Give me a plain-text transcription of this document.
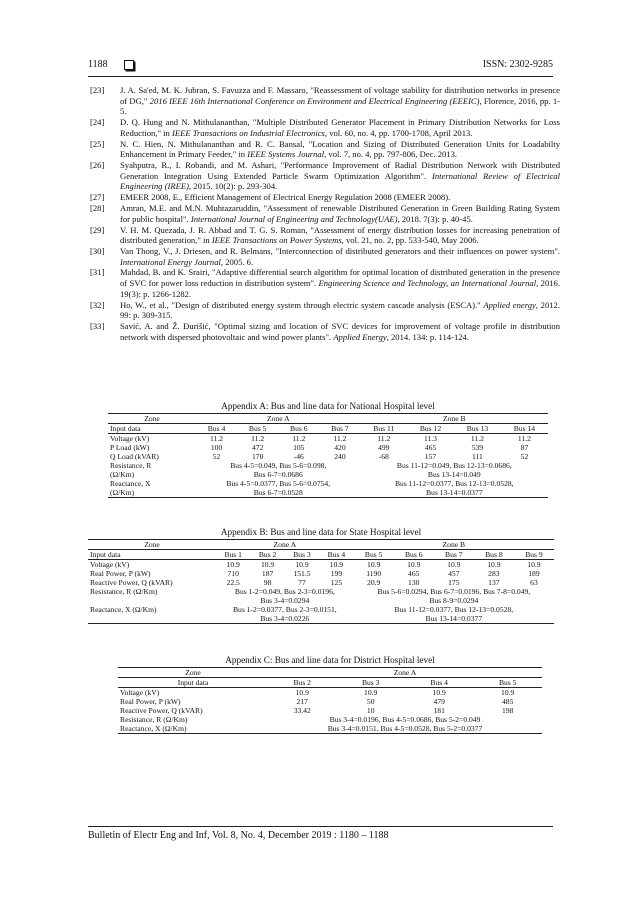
1188	ISSN: 2302-9285
[23]	J. A. Sa'ed, M. K. Jubran, S. Favuzza and F. Massaro, "Reassessment of voltage stability for distribution networks in presence of DG," 2016 IEEE 16th International Conference on Environment and Electrical Engineering (EEEIC), Florence, 2016, pp. 1-5.
[24]	D. Q. Hung and N. Mithulananthan, "Multiple Distributed Generator Placement in Primary Distribution Networks for Loss Reduction," in IEEE Transactions on Industrial Electronics, vol. 60, no. 4, pp. 1700-1708, April 2013.
[25]	N. C. Hien, N. Mithulananthan and R. C. Bansal, "Location and Sizing of Distributed Generation Units for Loadabilty Enhancement in Primary Feeder," in IEEE Systems Journal, vol. 7, no. 4, pp. 797-806, Dec. 2013.
[26]	Syahputra, R., I. Robandi, and M. Ashari, "Performance Improvement of Radial Distribution Network with Distributed Generation Integration Using Extended Particle Swarm Optimization Algorithm". International Review of Electrical Engineering (IREE), 2015. 10(2): p. 293-304.
[27]	EMEER 2008, E., Efficient Management of Electrical Energy Regulation 2008 (EMEER 2008).
[28]	Amran, M.E. and M.N. Muhtazaruddin, "Assessment of renewable Distributed Generation in Green Building Rating System for public hospital". International Journal of Engineering and Technology(UAE), 2018. 7(3): p. 40-45.
[29]	V. H. M. Quezada, J. R. Abbad and T. G. S. Roman, "Assessment of energy distribution losses for increasing penetration of distributed generation," in IEEE Transactions on Power Systems, vol. 21, no. 2, pp. 533-540, May 2006.
[30]	Van Thong, V., J. Driesen, and R. Belmans, "Interconnection of distributed generators and their influences on power system". International Energy Journal, 2005. 6.
[31]	Mahdad, B. and K. Srairi, "Adaptive differential search algorithm for optimal location of distributed generation in the presence of SVC for power loss reduction in distribution system". Engineering Science and Technology, an International Journal, 2016. 19(3): p. 1266-1282.
[32]	Ho, W., et al., "Design of distributed energy system through electric system cascade analysis (ESCA)." Applied energy, 2012. 99: p. 309-315.
[33]	Savić, A. and Ž. Đurišić, "Optimal sizing and location of SVC devices for improvement of voltage profile in distribution network with dispersed photovoltaic and wind power plants". Applied Energy, 2014. 134: p. 114-124.
Appendix A: Bus and line data for National Hospital level
Zone	Zone A				Zone B			
Input data	Bus 4	Bus 5	Bus 6	Bus 7	Bus 11	Bus 12	Bus 13	Bus 14
Voltage (kV)	11.2	11.2	11.2	11.2	11.2	11.3	11.2	11.2
P Load (kW)	100	472	105	420	499	465	539	87
Q Load (kVAR)	52	170	-46	240	-68	157	111	52
Resistance, R	Bus 4-5=0.049, Bus 5-6=0.098,				Bus 11-12=0.049, Bus 12-13=0.0686,			
(Ω/Km)	Bus 6-7=0.0686				Bus 13-14=0.049			
Reactance, X	Bus 4-5=0.0377, Bus 5-6=0.0754,				Bus 11-12=0.0377, Bus 12-13=0.0528,			
(Ω/Km)	Bus 6-7=0.0528				Bus 13-14=0.0377			
Appendix B: Bus and line data for State Hospital level
Zone	Zone A				Zone B				
Input data	Bus 1	Bus 2	Bus 3	Bus 4	Bus 5	Bus 6	Bus 7	Bus 8	Bus 9
Voltage (kV)	10.9	10.9	10.9	10.9	10.9	10.9	10.9	10.9	10.9
Real Power, P (kW)	710	187	151.5	199	1190	465	457	283	189
Reactive Power, Q (kVAR)	22.5	98	77	125	20.9	130	175	137	63
Resistance, R (Ω/Km)	Bus 1-2=0.049, Bus 2-3=0.0196,				Bus 5-6=0.0294, Bus 6-7=0.0196, Bus 7-8=0.049,				
	Bus 3-4=0.0294				Bus 8-9=0.0294				
Reactance, X (Ω/Km)	Bus 1-2=0.0377, Bus 2-3=0.0151,				Bus 11-12=0.0377, Bus 12-13=0.0528,				
	Bus 3-4=0.0226				Bus 13-14=0.0377				
Appendix C: Bus and line data for District Hospital level
Zone	Zone A			
Input data	Bus 2	Bus 3	Bus 4	Bus 5
Voltage (kV)	10.9	10.9	10.9	10.9
Real Power, P (kW)	217	50	479	485
Reactive Power, Q (kVAR)	33.42	10	181	198
Resistance, R (Ω/Km)	Bus 3-4=0.0196, Bus 4-5=0.0686, Bus 5-2=0.049			
Reactance, X (Ω/Km)	Bus 3-4=0.0151, Bus 4-5=0.0528, Bus 5-2=0.0377			
Bulletin of Electr Eng and Inf, Vol. 8, No. 4, December 2019 : 1180 – 1188
